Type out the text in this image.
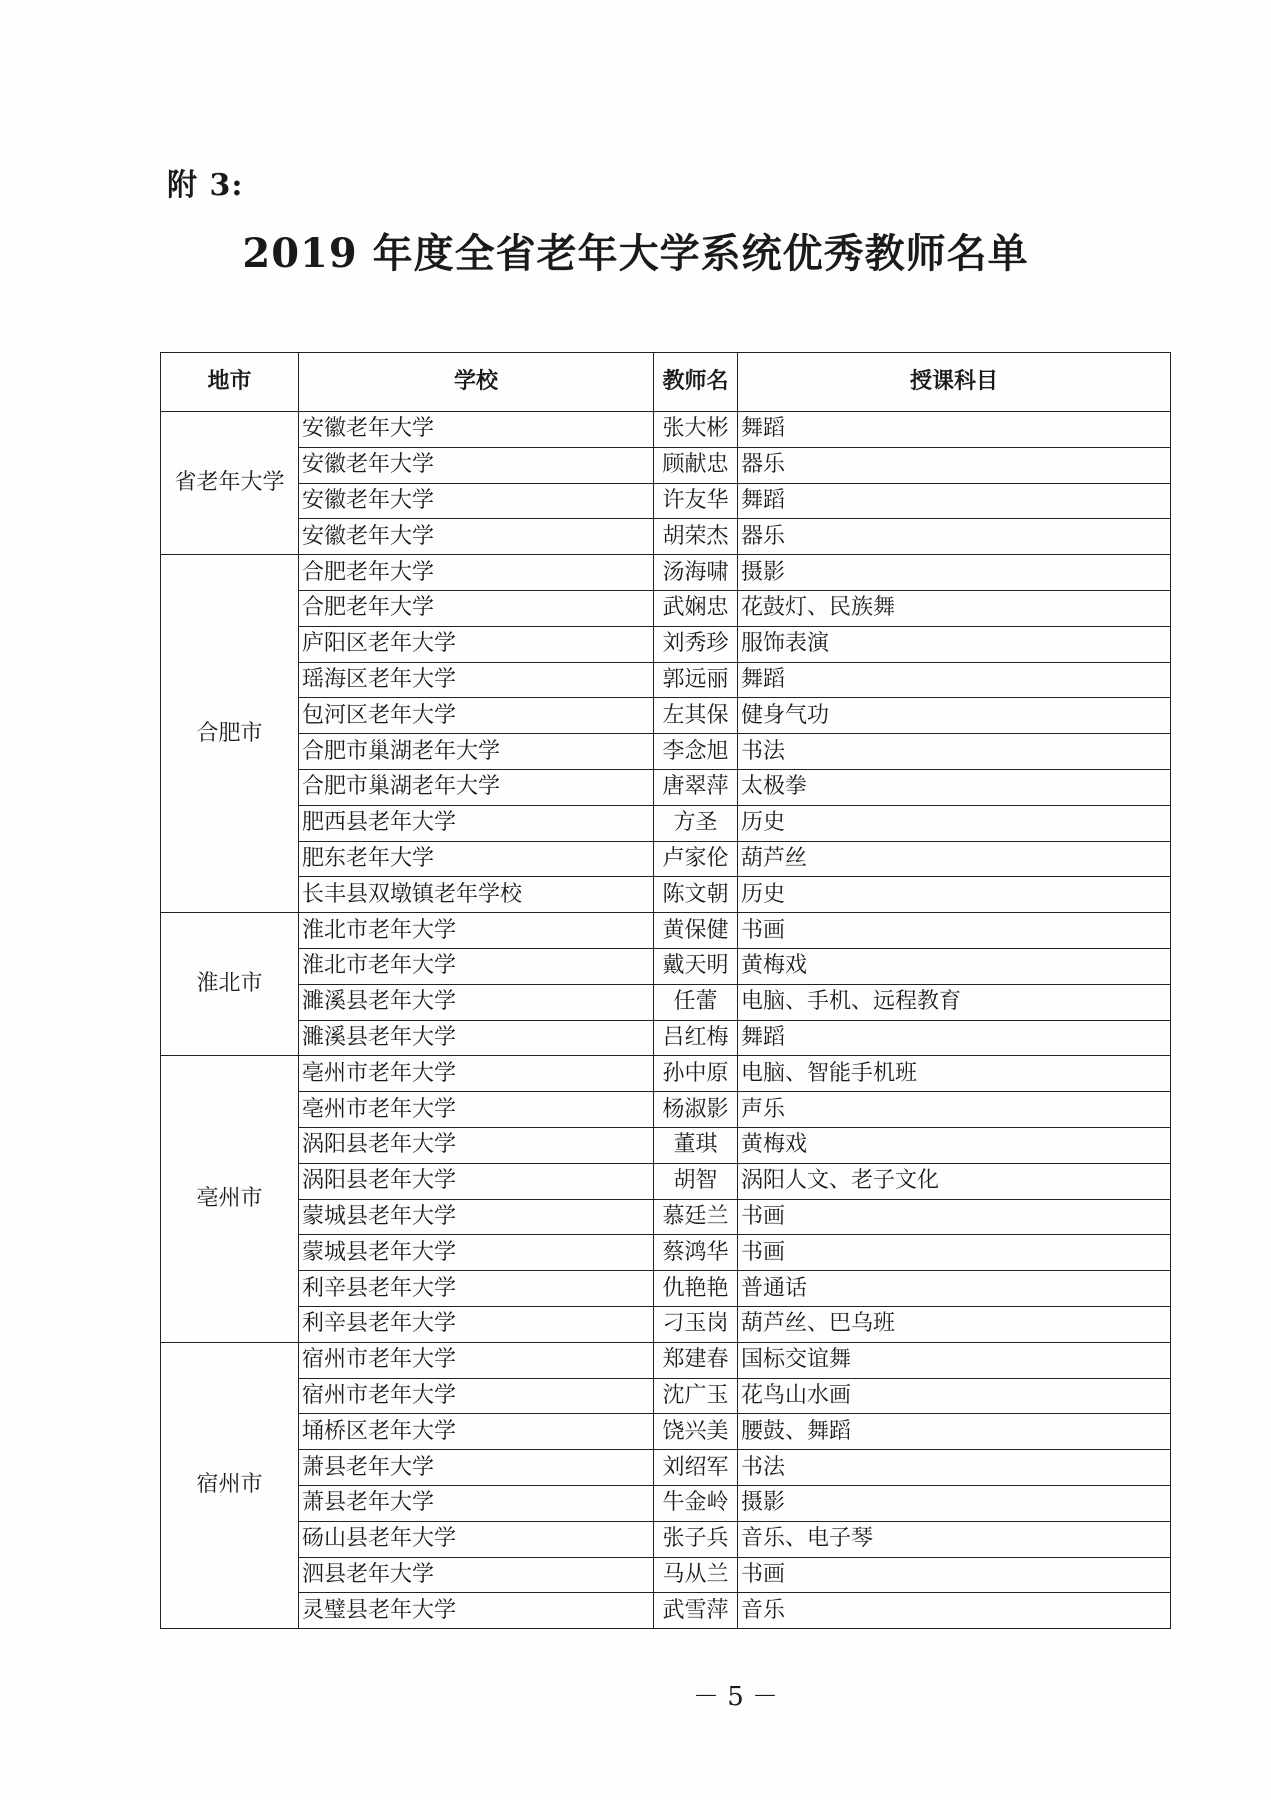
附 3:
2019 年度全省老年大学系统优秀教师名单
地市	学校	教师名	授课科目
省老年大学	安徽老年大学	张大彬	舞蹈
	安徽老年大学	顾献忠	器乐
	安徽老年大学	许友华	舞蹈
	安徽老年大学	胡荣杰	器乐
合肥市	合肥老年大学	汤海啸	摄影
	合肥老年大学	武娴忠	花鼓灯、民族舞
	庐阳区老年大学	刘秀珍	服饰表演
	瑶海区老年大学	郭远丽	舞蹈
	包河区老年大学	左其保	健身气功
	合肥市巢湖老年大学	李念旭	书法
	合肥市巢湖老年大学	唐翠萍	太极拳
	肥西县老年大学	方圣	历史
	肥东老年大学	卢家伦	葫芦丝
	长丰县双墩镇老年学校	陈文朝	历史
淮北市	淮北市老年大学	黄保健	书画
	淮北市老年大学	戴天明	黄梅戏
	濉溪县老年大学	任蕾	电脑、手机、远程教育
	濉溪县老年大学	吕红梅	舞蹈
亳州市	亳州市老年大学	孙中原	电脑、智能手机班
	亳州市老年大学	杨淑影	声乐
	涡阳县老年大学	董琪	黄梅戏
	涡阳县老年大学	胡智	涡阳人文、老子文化
	蒙城县老年大学	慕廷兰	书画
	蒙城县老年大学	蔡鸿华	书画
	利辛县老年大学	仇艳艳	普通话
	利辛县老年大学	刁玉岗	葫芦丝、巴乌班
宿州市	宿州市老年大学	郑建春	国标交谊舞
	宿州市老年大学	沈广玉	花鸟山水画
	埇桥区老年大学	饶兴美	腰鼓、舞蹈
	萧县老年大学	刘绍军	书法
	萧县老年大学	牛金岭	摄影
	砀山县老年大学	张子兵	音乐、电子琴
	泗县老年大学	马从兰	书画
	灵璧县老年大学	武雪萍	音乐
－ 5 －
